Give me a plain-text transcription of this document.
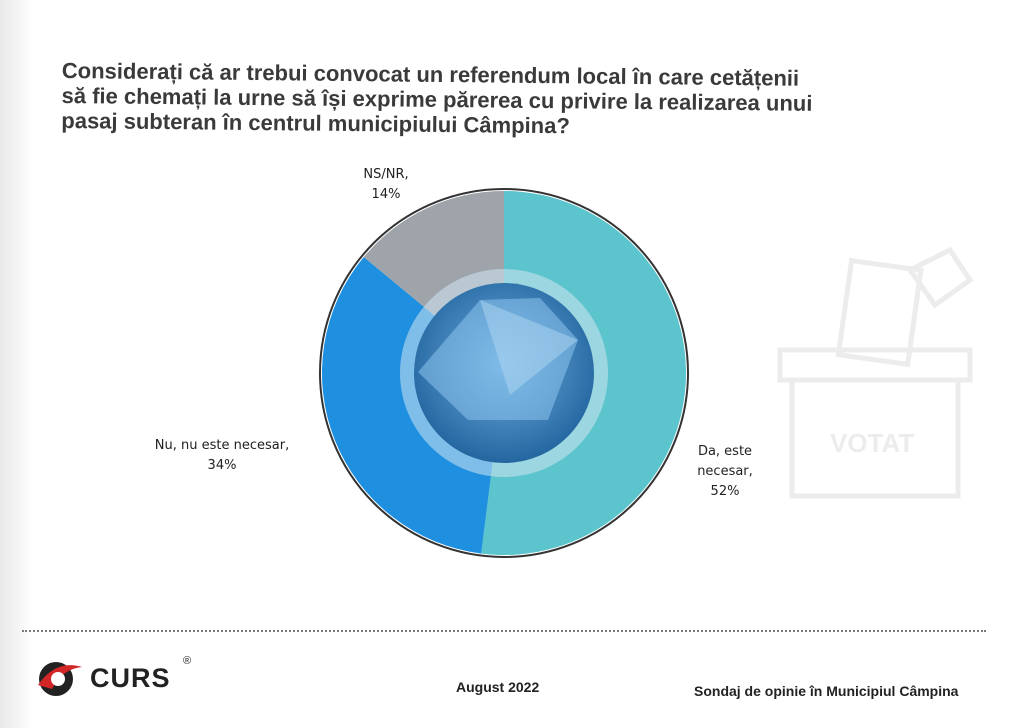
Considerați că ar trebui convocat un referendum local în care cetățenii
să fie chemați la urne să își exprime părerea cu privire la realizarea unui
pasaj subteran în centrul municipiului Câmpina?
VOTAT
Da, este necesar, 52%
Nu, nu este necesar, 34%
NS/NR, 14%
CURS
®
August 2022	Sondaj de opinie în Municipiul Câmpina
